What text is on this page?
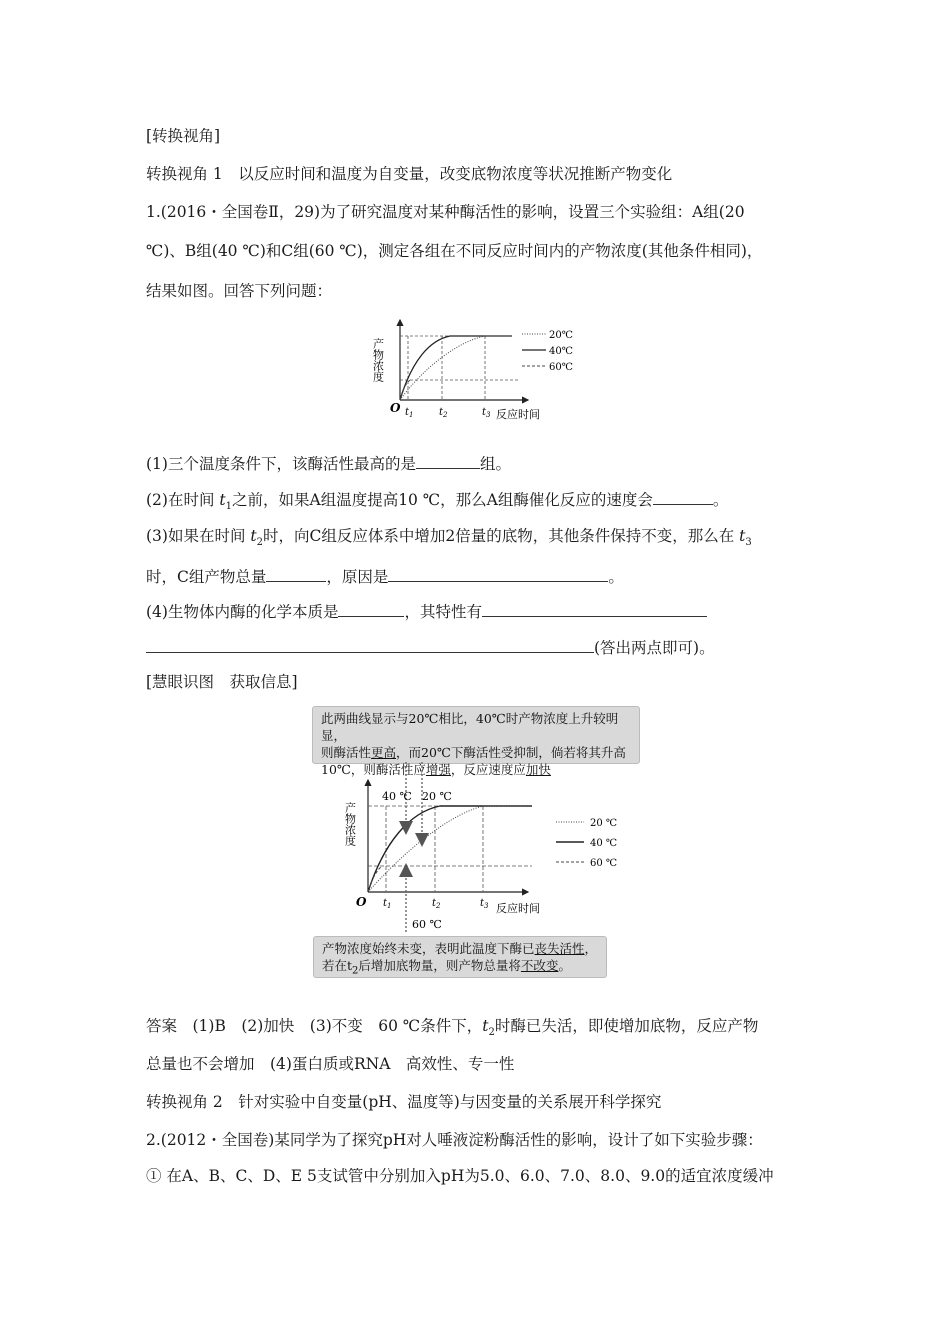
[转换视角]
转换视角 1　以反应时间和温度为自变量，改变底物浓度等状况推断产物变化
1.(2016・全国卷Ⅱ，29)为了研究温度对某种酶活性的影响，设置三个实验组：A组(20
℃)、B组(40 ℃)和C组(60 ℃)，测定各组在不同反应时间内的产物浓度(其他条件相同)，
结果如图。回答下列问题：
O
产物浓度
$t_1$	$t_2$	$t_3$ 反应时间
20℃
40℃
60℃
(1)三个温度条件下，该酶活性最高的是	组。
(2)在时间 $t_1$之前，如果A组温度提高10 ℃，那么A组酶催化反应的速度会	。
(3)如果在时间 $t_2$时，向C组反应体系中增加2倍量的底物，其他条件保持不变，那么在 $t_3$
时，C组产物总量	，原因是	。
(4)生物体内酶的化学本质是	，其特性有
(答出两点即可)。
[慧眼识图　获取信息]
此两曲线显示与20℃相比，40℃时产物浓度上升较明显，
则酶活性更高，而20℃下酶活性受抑制，倘若将其升高
10℃，则酶活性应增强，反应速度应加快
40 ℃ 20 ℃
O
产物浓度
$t_1$	$t_2$	$t_3$ 反应时间
60 ℃
20 ℃
40 ℃
60 ℃
产物浓度始终未变，表明此温度下酶已丧失活性，
若在$t_2$后增加底物量，则产物总量将不改变。
答案　(1)B　(2)加快　(3)不变　60 ℃条件下，$t_2$时酶已失活，即使增加底物，反应产物
总量也不会增加　(4)蛋白质或RNA　高效性、专一性
转换视角 2　针对实验中自变量(pH、温度等)与因变量的关系展开科学探究
2.(2012・全国卷)某同学为了探究pH对人唾液淀粉酶活性的影响，设计了如下实验步骤：
① 在A、B、C、D、E 5支试管中分别加入pH为5.0、6.0、7.0、8.0、9.0的适宜浓度缓冲
